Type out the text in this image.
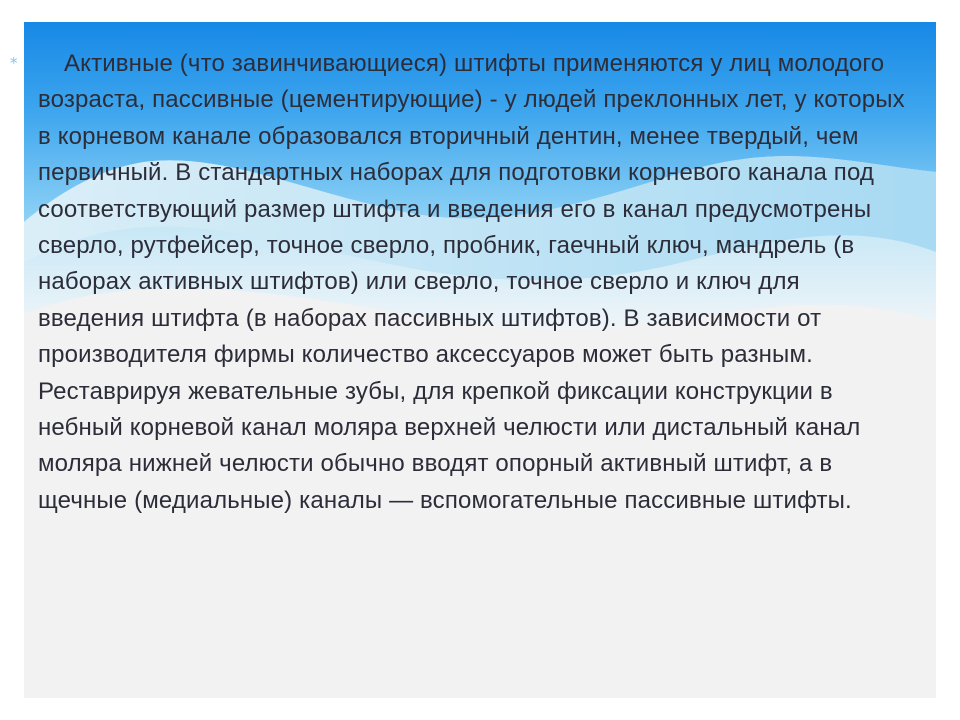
*	Активные (что завинчивающиеся) штифты применяются у лиц молодого возраста, пассивные (цементирующие) - у людей преклонных лет, у которых в корневом канале образовался вторичный дентин, менее твердый, чем первичный. В стандартных наборах для подготовки корневого канала под соответствующий размер штифта и введения его в канал предусмотрены сверло, рутфейсер, точное сверло, пробник, гаечный ключ, мандрель (в наборах активных штифтов) или сверло, точное сверло и ключ для введения штифта (в наборах пассивных штифтов). В зависимости от производителя фирмы количество аксессуаров может быть разным. Реставрируя жевательные зубы, для крепкой фиксации конструкции в небный корневой канал моляра верхней челюсти или дистальный канал моляра нижней челюсти обычно вводят опорный активный штифт, а в щечные (медиальные) каналы — вспомогательные пассивные штифты.
